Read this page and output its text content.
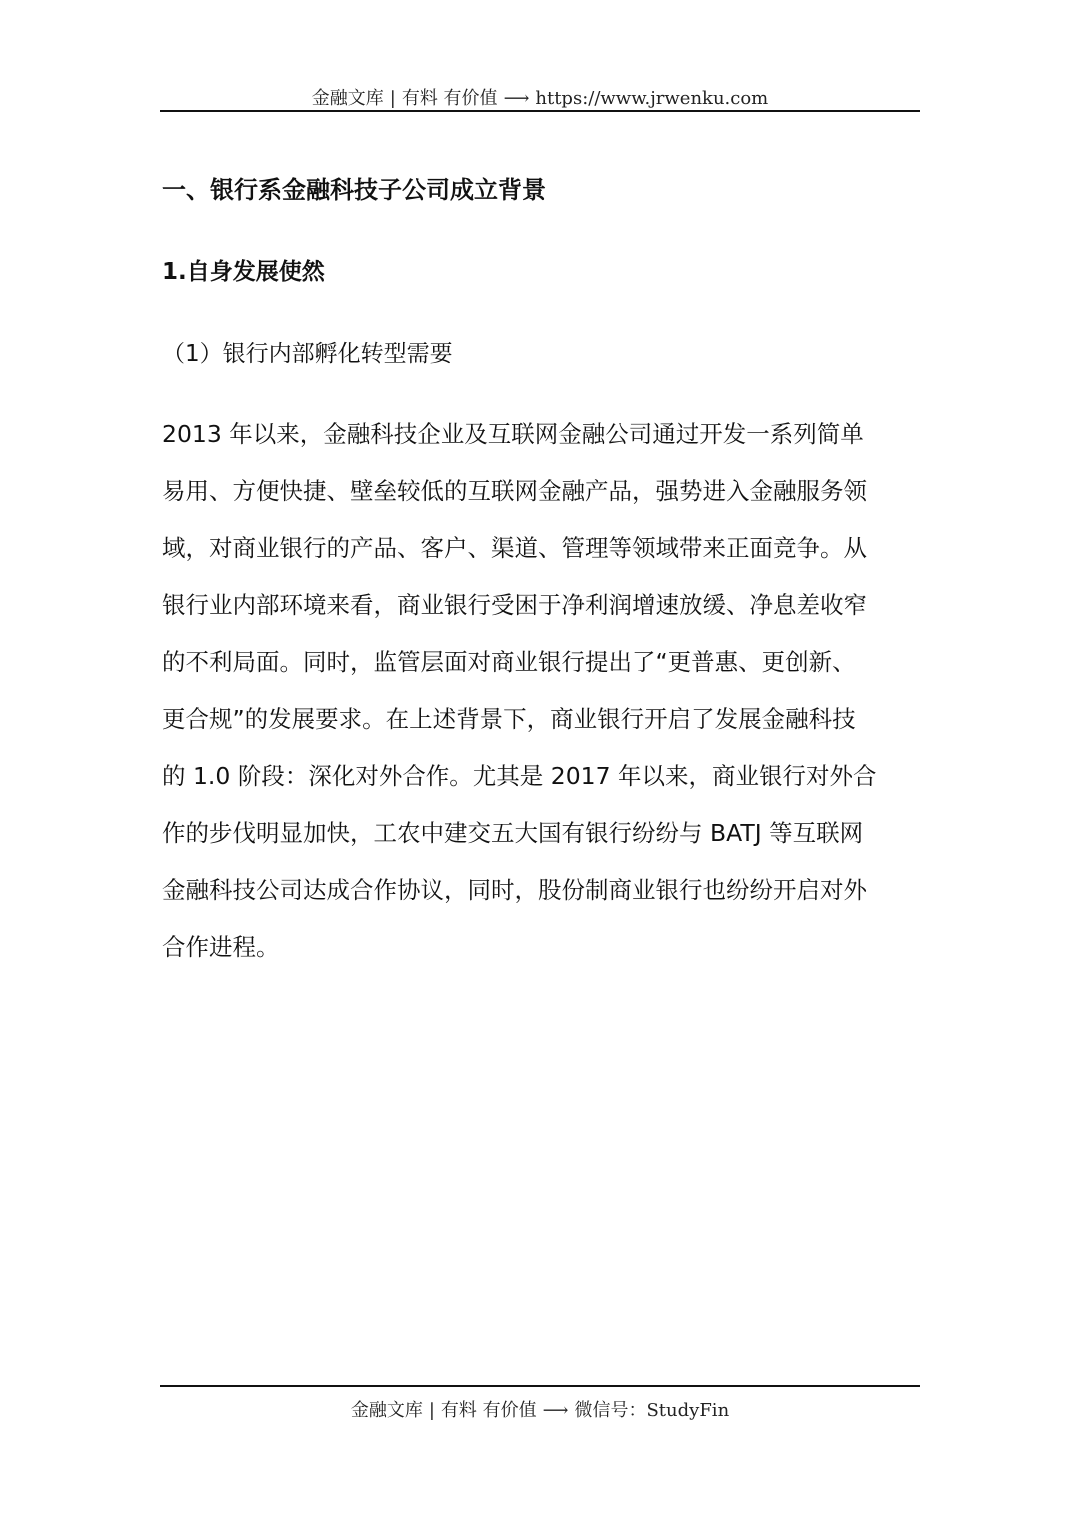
金融文库 | 有料 有价值 ⟶ https://www.jrwenku.com
一、银行系金融科技子公司成立背景
1.自身发展使然
（1）银行内部孵化转型需要
2013 年以来，金融科技企业及互联网金融公司通过开发一系列简单
易用、方便快捷、壁垒较低的互联网金融产品，强势进入金融服务领
域，对商业银行的产品、客户、渠道、管理等领域带来正面竞争。从
银行业内部环境来看，商业银行受困于净利润增速放缓、净息差收窄
的不利局面。同时，监管层面对商业银行提出了“更普惠、更创新、
更合规”的发展要求。在上述背景下，商业银行开启了发展金融科技
的 1.0 阶段：深化对外合作。尤其是 2017 年以来，商业银行对外合
作的步伐明显加快，工农中建交五大国有银行纷纷与 BATJ 等互联网
金融科技公司达成合作协议，同时，股份制商业银行也纷纷开启对外
合作进程。
金融文库 | 有料 有价值 ⟶ 微信号：StudyFin
